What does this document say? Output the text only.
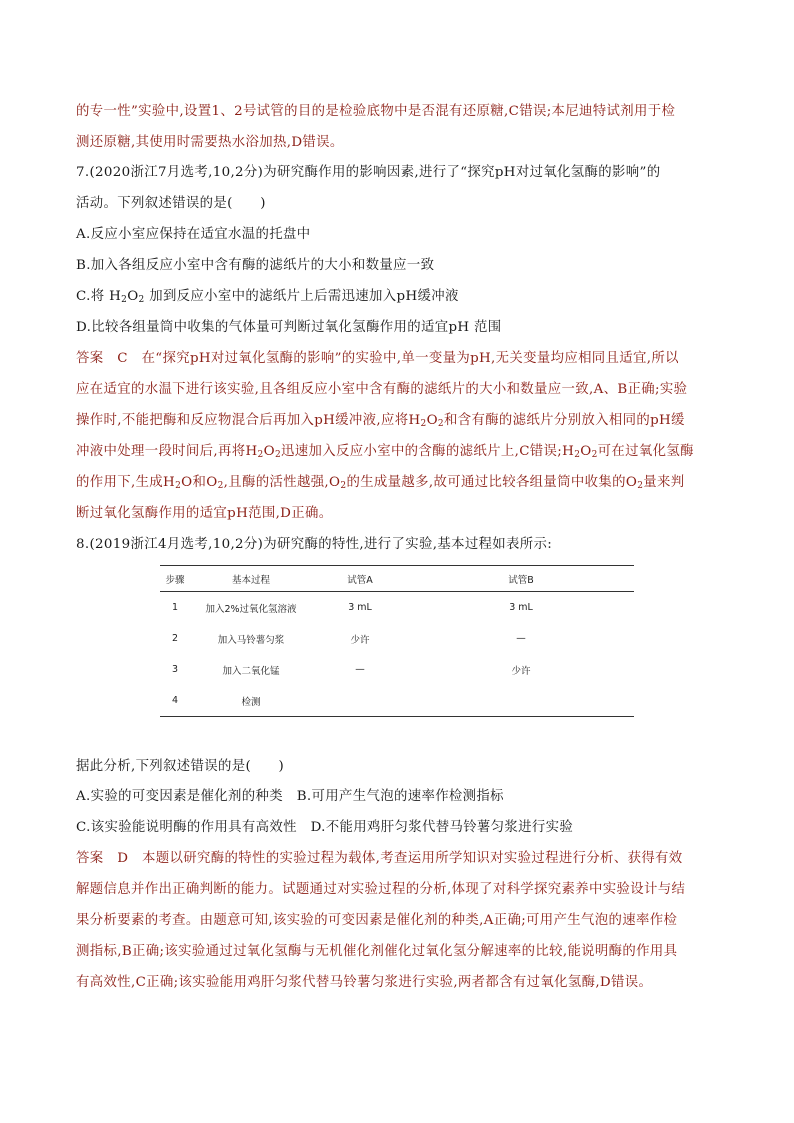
的专一性”实验中,设置1、2号试管的目的是检验底物中是否混有还原糖,C错误;本尼迪特试剂用于检
测还原糖,其使用时需要热水浴加热,D错误。
7.(2020浙江7月选考,10,2分)为研究酶作用的影响因素,进行了“探究pH对过氧化氢酶的影响”的
活动。下列叙述错误的是(　　)
A.反应小室应保持在适宜水温的托盘中
B.加入各组反应小室中含有酶的滤纸片的大小和数量应一致
C.将 $H_2O_2$ 加到反应小室中的滤纸片上后需迅速加入pH缓冲液
D.比较各组量筒中收集的气体量可判断过氧化氢酶作用的适宜pH 范围
答案　C　在“探究pH对过氧化氢酶的影响”的实验中,单一变量为pH,无关变量均应相同且适宜,所以
应在适宜的水温下进行该实验,且各组反应小室中含有酶的滤纸片的大小和数量应一致,A、B正确;实验
操作时,不能把酶和反应物混合后再加入pH缓冲液,应将$H_2O_2$和含有酶的滤纸片分别放入相同的pH缓
冲液中处理一段时间后,再将$H_2O_2$迅速加入反应小室中的含酶的滤纸片上,C错误$;H_2O_2$可在过氧化氢酶
的作用下,生成$H_2O$和$O_2$,且酶的活性越强$,O_2$的生成量越多,故可通过比较各组量筒中收集的$O_2$量来判
断过氧化氢酶作用的适宜pH范围,D正确。
8.(2019浙江4月选考,10,2分)为研究酶的特性,进行了实验,基本过程如表所示:
步骤	基本过程	试管A	试管B
1	加入2%过氧化氢溶液	3 mL	3 mL
2	加入马铃薯匀浆	少许	—
3	加入二氧化锰	—	少许
4	检测		
据此分析,下列叙述错误的是(　　)
A.实验的可变因素是催化剂的种类　B.可用产生气泡的速率作检测指标
C.该实验能说明酶的作用具有高效性　D.不能用鸡肝匀浆代替马铃薯匀浆进行实验
答案　D　本题以研究酶的特性的实验过程为载体,考查运用所学知识对实验过程进行分析、获得有效
解题信息并作出正确判断的能力。试题通过对实验过程的分析,体现了对科学探究素养中实验设计与结
果分析要素的考查。由题意可知,该实验的可变因素是催化剂的种类,A正确;可用产生气泡的速率作检
测指标,B正确;该实验通过过氧化氢酶与无机催化剂催化过氧化氢分解速率的比较,能说明酶的作用具
有高效性,C正确;该实验能用鸡肝匀浆代替马铃薯匀浆进行实验,两者都含有过氧化氢酶,D错误。
